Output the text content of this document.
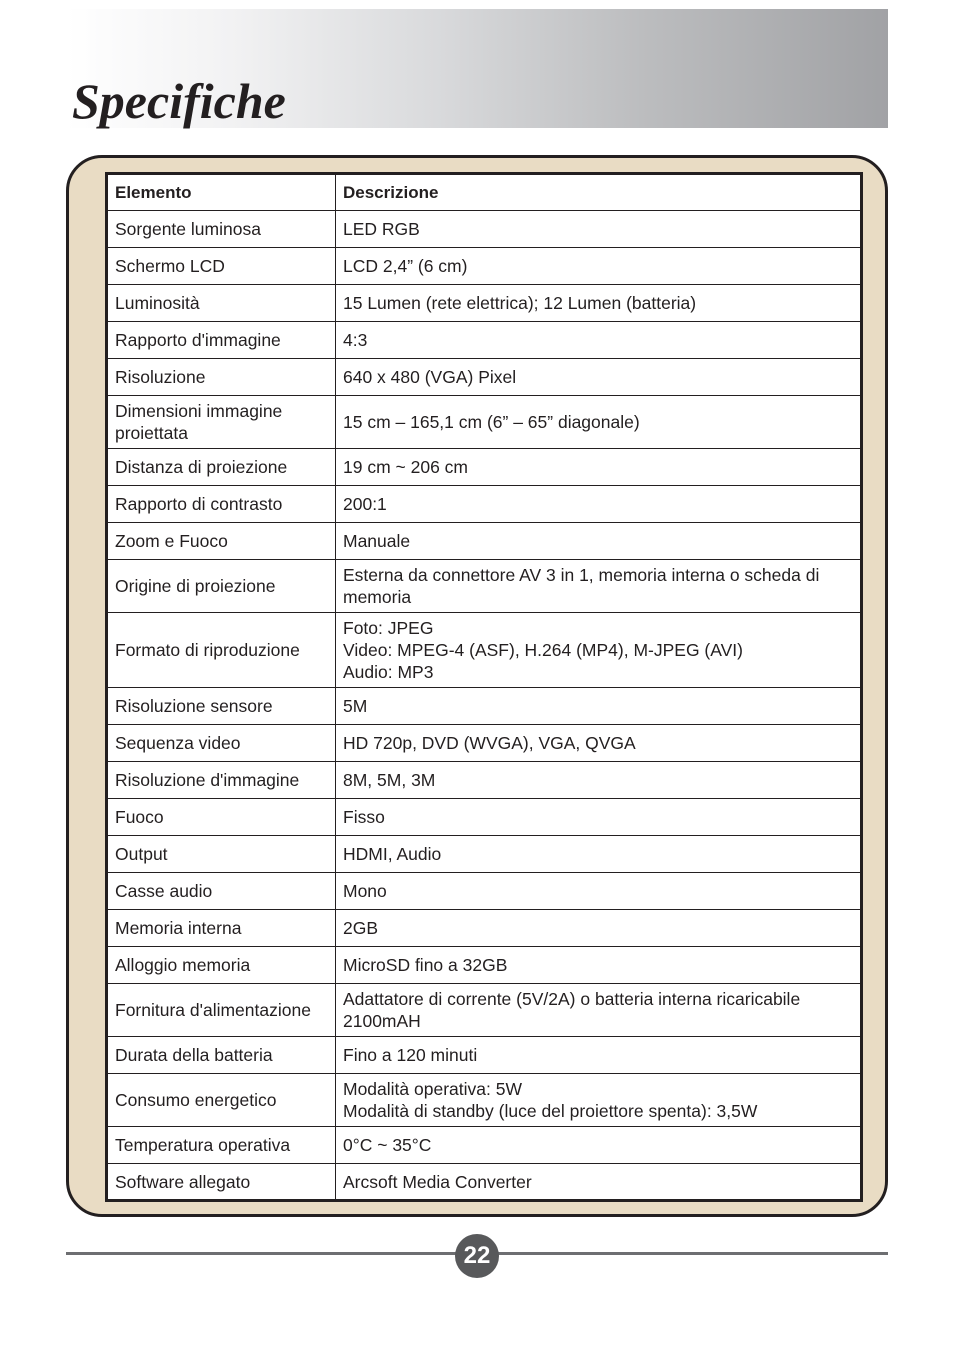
Specifiche
Elemento	Descrizione
Sorgente luminosa	LED RGB

Schermo LCD	LCD 2,4” (6 cm)

Luminosità	15 Lumen (rete elettrica); 12 Lumen (batteria)

Rapporto d'immagine	4:3

Risoluzione	640 x 480 (VGA) Pixel

Dimensioni immagine proiettata	15 cm – 165,1 cm (6” – 65” diagonale)

Distanza di proiezione	19 cm ~ 206 cm

Rapporto di contrasto	200:1

Zoom e Fuoco	Manuale

Origine di proiezione	Esterna da connettore AV 3 in 1, memoria interna o scheda di memoria

Formato di riproduzione	Foto: JPEG
Video: MPEG-4 (ASF), H.264 (MP4), M-JPEG (AVI)
Audio: MP3

Risoluzione sensore	5M

Sequenza video	HD 720p, DVD (WVGA), VGA, QVGA

Risoluzione d'immagine	8M, 5M, 3M

Fuoco	Fisso

Output	HDMI, Audio

Casse audio	Mono

Memoria interna	2GB

Alloggio memoria	MicroSD fino a 32GB

Fornitura d'alimentazione	Adattatore di corrente (5V/2A) o batteria interna ricaricabile 2100mAH

Durata della batteria	Fino a 120 minuti

Consumo energetico	Modalità operativa: 5W
Modalità di standby (luce del proiettore spenta): 3,5W

Temperatura operativa	0°C ~ 35°C

Software allegato	Arcsoft Media Converter
22
